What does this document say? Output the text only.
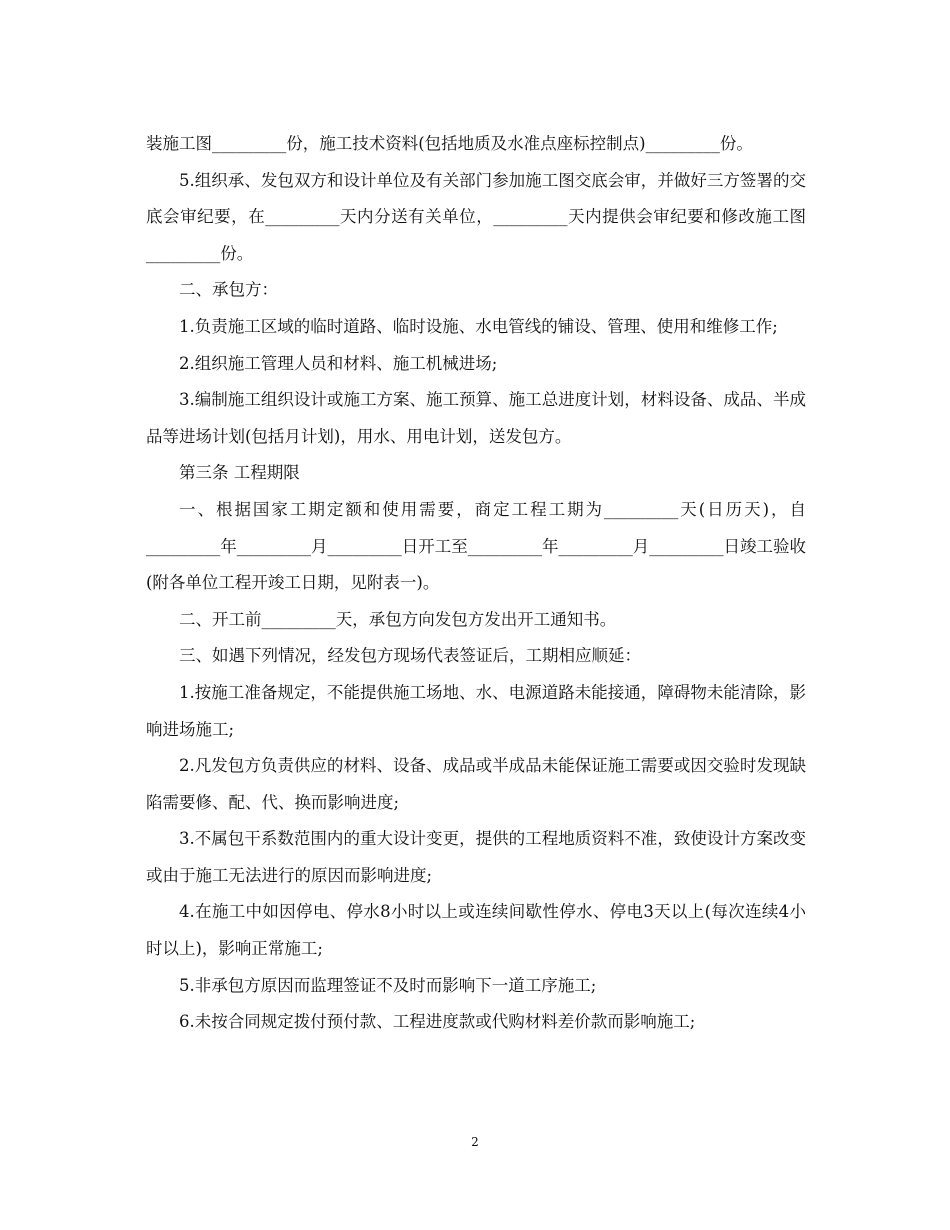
装施工图_________份，施工技术资料(包括地质及水准点座标控制点)_________份。

5.组织承、发包双方和设计单位及有关部门参加施工图交底会审，并做好三方签署的交底会审纪要，在_________天内分送有关单位，_________天内提供会审纪要和修改施工图_________份。

二、承包方：

1.负责施工区域的临时道路、临时设施、水电管线的铺设、管理、使用和维修工作;

2.组织施工管理人员和材料、施工机械进场;

3.编制施工组织设计或施工方案、施工预算、施工总进度计划，材料设备、成品、半成品等进场计划(包括月计划)，用水、用电计划，送发包方。

第三条 工程期限

一、根据国家工期定额和使用需要，商定工程工期为_________天(日历天)，自_________年_________月_________日开工至_________年_________月_________日竣工验收(附各单位工程开竣工日期，见附表一)。

二、开工前_________天，承包方向发包方发出开工通知书。

三、如遇下列情况，经发包方现场代表签证后，工期相应顺延：

1.按施工准备规定，不能提供施工场地、水、电源道路未能接通，障碍物未能清除，影响进场施工;

2.凡发包方负责供应的材料、设备、成品或半成品未能保证施工需要或因交验时发现缺陷需要修、配、代、换而影响进度;

3.不属包干系数范围内的重大设计变更，提供的工程地质资料不准，致使设计方案改变或由于施工无法进行的原因而影响进度;

4.在施工中如因停电、停水8小时以上或连续间歇性停水、停电3天以上(每次连续4小时以上)，影响正常施工;

5.非承包方原因而监理签证不及时而影响下一道工序施工;

6.未按合同规定拨付预付款、工程进度款或代购材料差价款而影响施工;

2
